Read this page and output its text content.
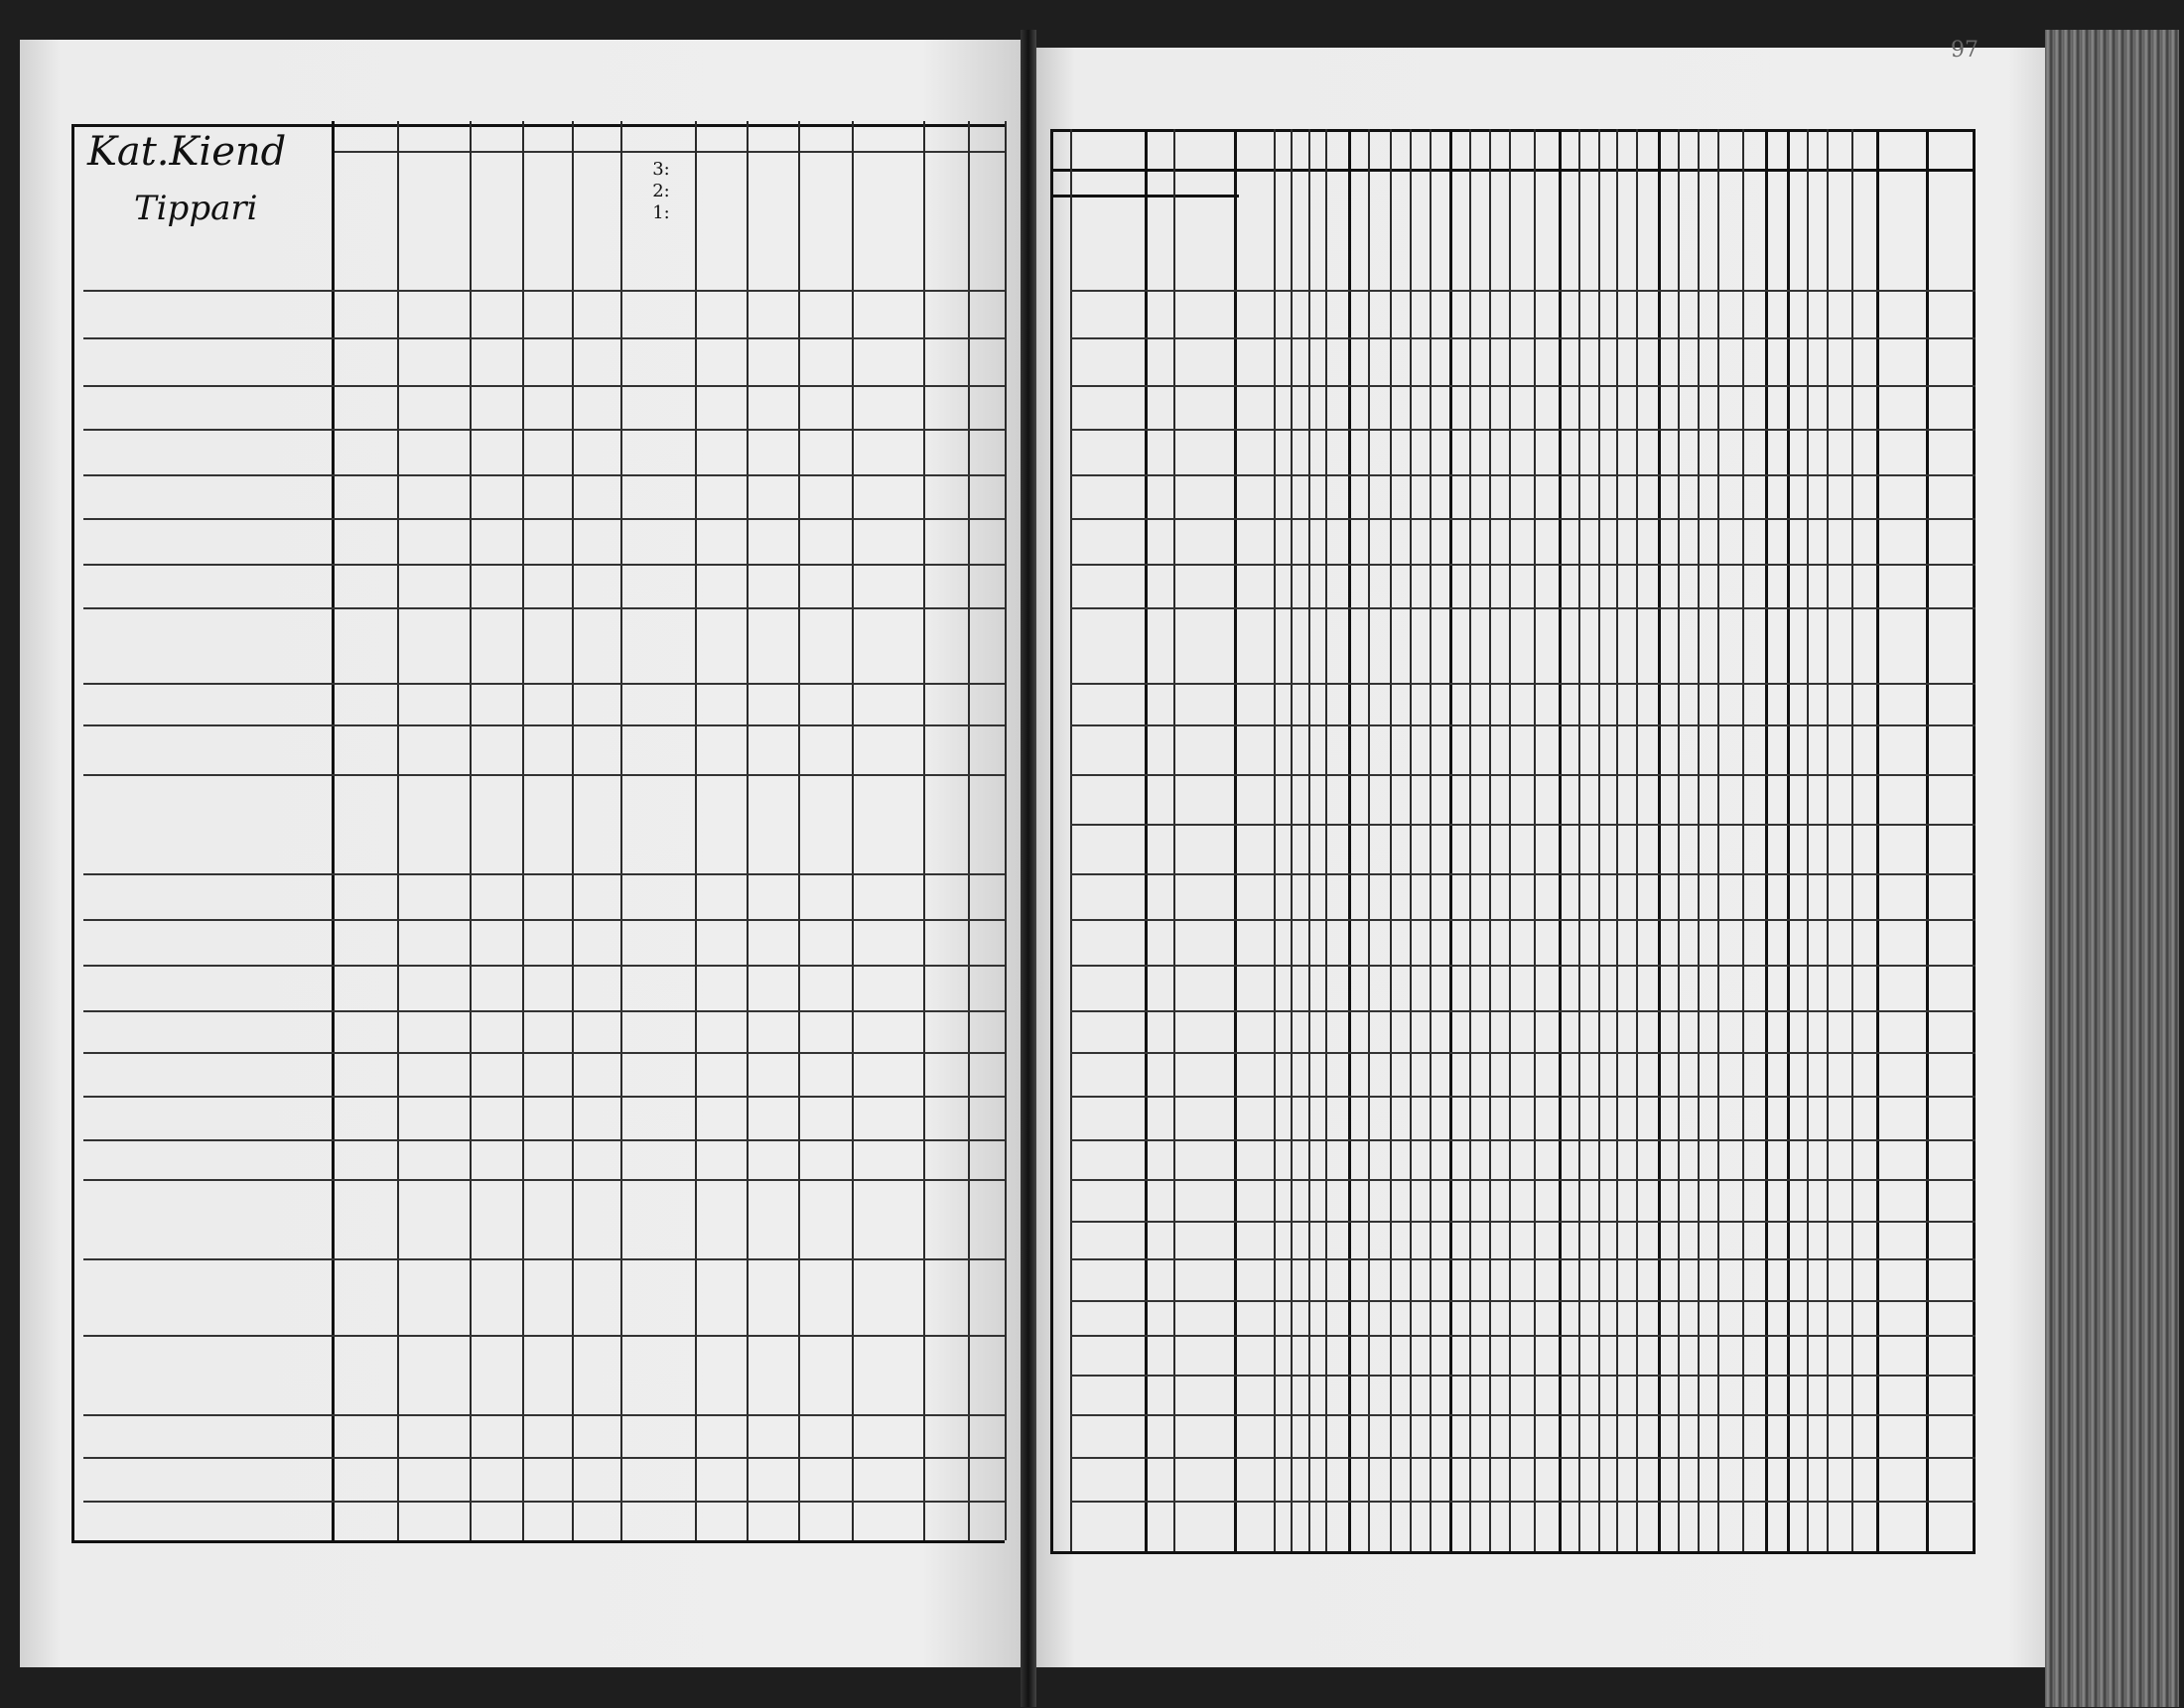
97
Kat.Kiend
Tippari
3: 2: 1:
